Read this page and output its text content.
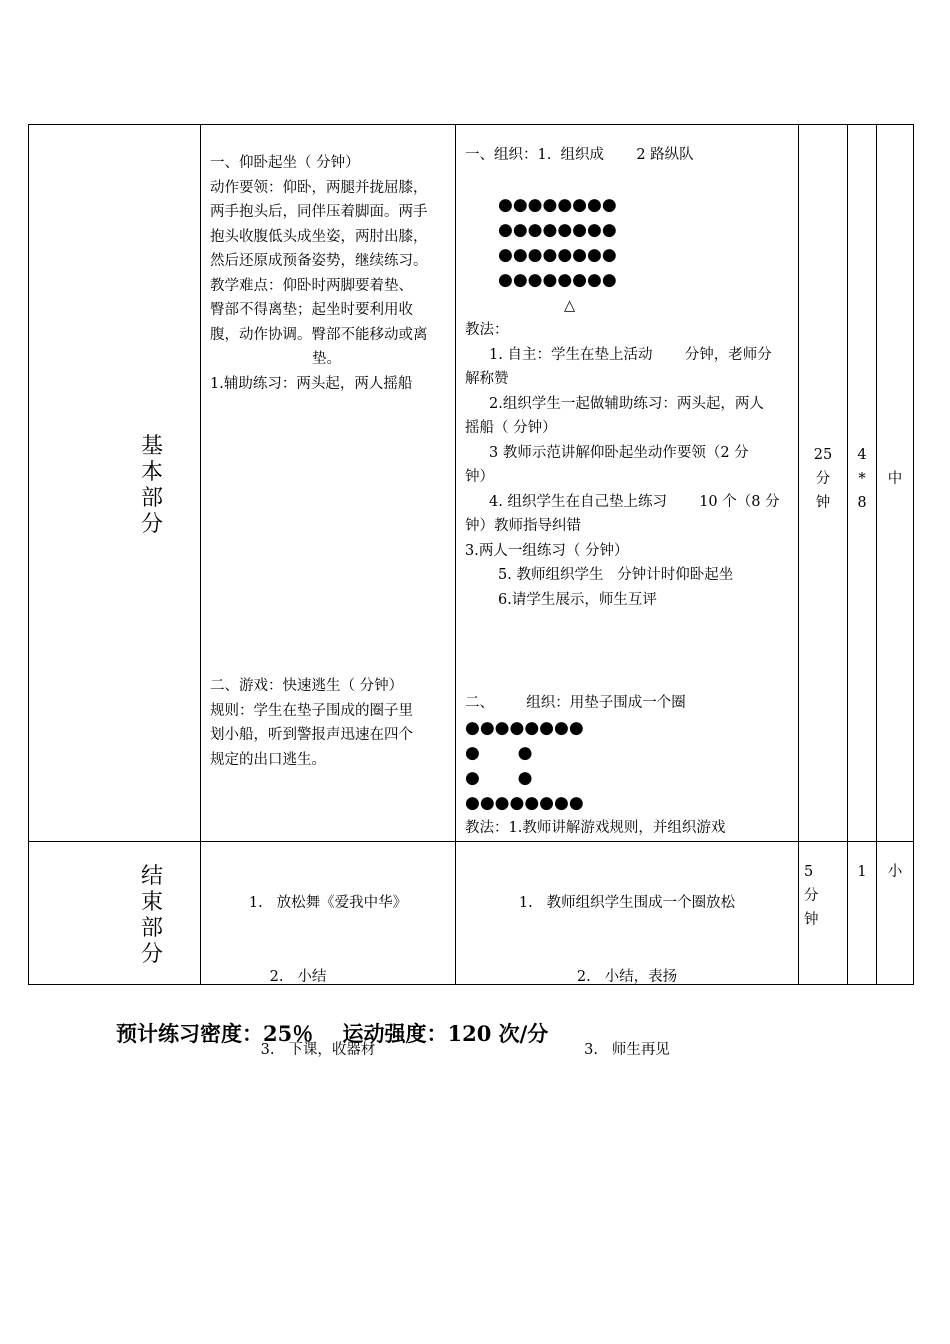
基

本

部

分

一、仰卧起坐（ 分钟）

动作要领：仰卧，两腿并拢屈膝，

两手抱头后，同伴压着脚面。两手

抱头收腹低头成坐姿，两肘出膝，

然后还原成预备姿势，继续练习。

教学难点：仰卧时两脚要着垫、

臀部不得离垫；起坐时要利用收

腹，动作协调。臀部不能移动或离

垫。

1.辅助练习：两头起，两人摇船

二、游戏：快速逃生（ 分钟）

规则：学生在垫子围成的圈子里

划小船，听到警报声迅速在四个

规定的出口逃生。

一、组织：1.  组织成       2 路纵队
●●●●●●●●
●●●●●●●●
●●●●●●●●
●●●●●●●●
△

教法：

1. 自主：学生在垫上活动       分钟，老师分

解称赞

2.组织学生一起做辅助练习：两头起，两人

摇船（ 分钟）

3 教师示范讲解仰卧起坐动作要领（2 分

钟）

4. 组织学生在自己垫上练习       10 个（8 分

钟）教师指导纠错

3.两人一组练习（ 分钟）

5. 教师组织学生   分钟计时仰卧起坐

6.请学生展示，师生互评

二、       组织：用垫子围成一个圈
●●●●●●●●
●       ●
●       ●
●●●●●●●●
教法：1.教师讲解游戏规则，并组织游戏

25

分

钟

4

*

8

中

结

束

部

分

1.   放松舞《爱我中华》

2.   小结

3.   下课，收器材

1.   教师组织学生围成一个圈放松

2.   小结，表扬

3.   师生再见

5

分

钟

1	小
预计练习密度：25％ 运动强度：120 次/分
